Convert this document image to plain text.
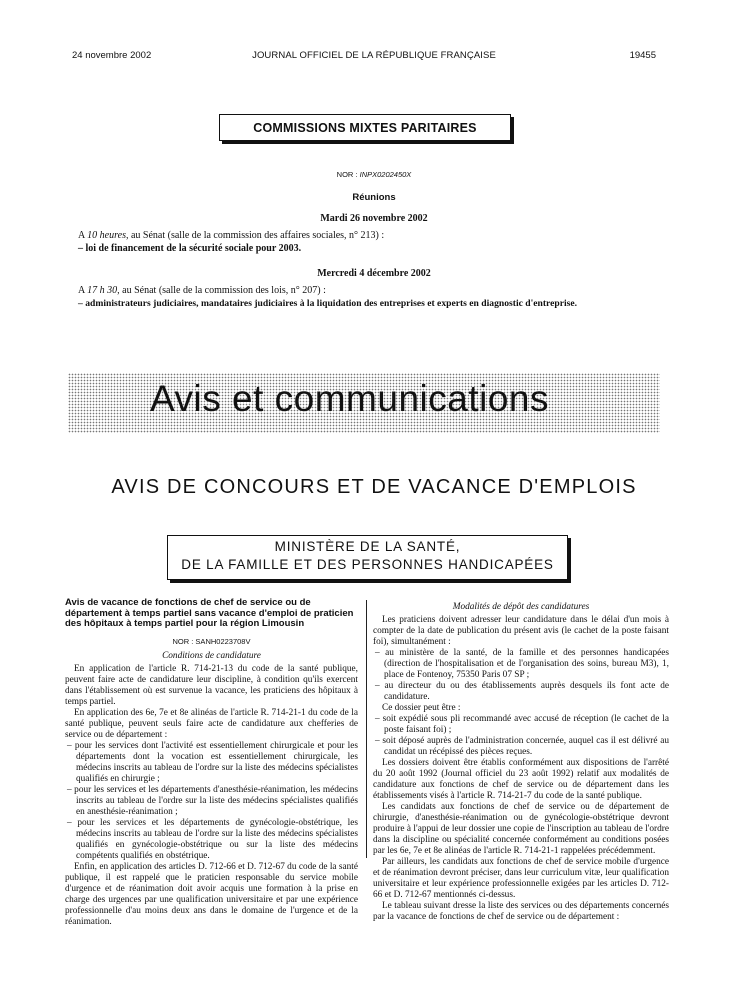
24 novembre 2002	JOURNAL OFFICIEL DE LA RÉPUBLIQUE FRANÇAISE	19455
COMMISSIONS MIXTES PARITAIRES
NOR : INPX0202450X
Réunions
Mardi 26 novembre 2002
A 10 heures, au Sénat (salle de la commission des affaires sociales, n° 213) :
– loi de financement de la sécurité sociale pour 2003.
Mercredi 4 décembre 2002
A 17 h 30, au Sénat (salle de la commission des lois, n° 207) :
– administrateurs judiciaires, mandataires judiciaires à la liquidation des entreprises et experts en diagnostic d'entreprise.
Avis et communications
AVIS DE CONCOURS ET DE VACANCE D'EMPLOIS
MINISTÈRE DE LA SANTÉ,
DE LA FAMILLE ET DES PERSONNES HANDICAPÉES
Avis de vacance de fonctions de chef de service ou de département à temps partiel sans vacance d'emploi de praticien des hôpitaux à temps partiel pour la région Limousin
NOR : SANH0223708V
Conditions de candidature

En application de l'article R. 714-21-13 du code de la santé publique, peuvent faire acte de candidature leur discipline, à condition qu'ils exercent dans l'établissement où est survenue la vacance, les praticiens des hôpitaux à temps partiel.

En application des 6e, 7e et 8e alinéas de l'article R. 714-21-1 du code de la santé publique, peuvent seuls faire acte de candidature aux chefferies de service ou de département :

– pour les services dont l'activité est essentiellement chirurgicale et pour les départements dont la vocation est essentiellement chirurgicale, les médecins inscrits au tableau de l'ordre sur la liste des médecins spécialistes qualifiés en chirurgie ;
– pour les services et les départements d'anesthésie-réanimation, les médecins inscrits au tableau de l'ordre sur la liste des médecins spécialistes qualifiés en anesthésie-réanimation ;
– pour les services et les départements de gynécologie-obstétrique, les médecins inscrits au tableau de l'ordre sur la liste des médecins spécialistes qualifiés en gynécologie-obstétrique ou sur la liste des médecins compétents qualifiés en obstétrique.

Enfin, en application des articles D. 712-66 et D. 712-67 du code de la santé publique, il est rappelé que le praticien responsable du service mobile d'urgence et de réanimation doit avoir acquis une formation à la prise en charge des urgences par une qualification universitaire et par une expérience professionnelle d'au moins deux ans dans le domaine de l'urgence et de la réanimation.

Modalités de dépôt des candidatures

Les praticiens doivent adresser leur candidature dans le délai d'un mois à compter de la date de publication du présent avis (le cachet de la poste faisant foi), simultanément :

– au ministère de la santé, de la famille et des personnes handicapées (direction de l'hospitalisation et de l'organisation des soins, bureau M3), 1, place de Fontenoy, 75350 Paris 07 SP ;
– au directeur du ou des établissements auprès desquels ils font acte de candidature.

Ce dossier peut être :

– soit expédié sous pli recommandé avec accusé de réception (le cachet de la poste faisant foi) ;
– soit déposé auprès de l'administration concernée, auquel cas il est délivré au candidat un récépissé des pièces reçues.

Les dossiers doivent être établis conformément aux dispositions de l'arrêté du 20 août 1992 (Journal officiel du 23 août 1992) relatif aux modalités de candidature aux fonctions de chef de service ou de département dans les établissements visés à l'article R. 714-21-7 du code de la santé publique.

Les candidats aux fonctions de chef de service ou de département de chirurgie, d'anesthésie-réanimation ou de gynécologie-obstétrique devront produire à l'appui de leur dossier une copie de l'inscription au tableau de l'ordre dans la discipline ou spécialité concernée conformément au conditions posées par les 6e, 7e et 8e alinéas de l'article R. 714-21-1 rappelées précédemment.

Par ailleurs, les candidats aux fonctions de chef de service mobile d'urgence et de réanimation devront préciser, dans leur curriculum vitæ, leur qualification universitaire et leur expérience professionnelle exigées par les articles D. 712-66 et D. 712-67 mentionnés ci-dessus.

Le tableau suivant dresse la liste des services ou des départements concernés par la vacance de fonctions de chef de service ou de département :
